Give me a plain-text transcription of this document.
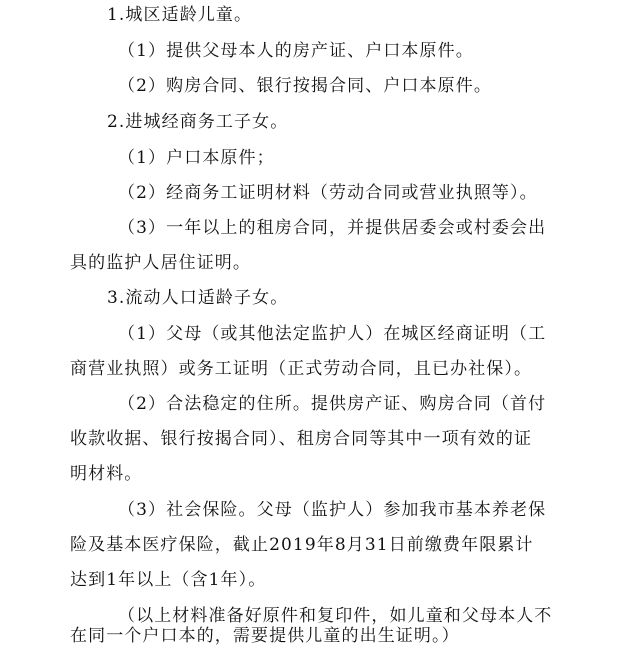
1.城区适龄儿童。
（1）提供父母本人的房产证、户口本原件。
（2）购房合同、银行按揭合同、户口本原件。
2.进城经商务工子女。
（1）户口本原件；
（2）经商务工证明材料（劳动合同或营业执照等）。
（3）一年以上的租房合同，并提供居委会或村委会出
具的监护人居住证明。
3.流动人口适龄子女。
（1）父母（或其他法定监护人）在城区经商证明（工
商营业执照）或务工证明（正式劳动合同，且已办社保）。
（2）合法稳定的住所。提供房产证、购房合同（首付
收款收据、银行按揭合同）、租房合同等其中一项有效的证
明材料。
（3）社会保险。父母（监护人）参加我市基本养老保
险及基本医疗保险，截止2019年8月31日前缴费年限累计
达到1年以上（含1年）。
（以上材料准备好原件和复印件，如儿童和父母本人不
在同一个户口本的，需要提供儿童的出生证明。）
